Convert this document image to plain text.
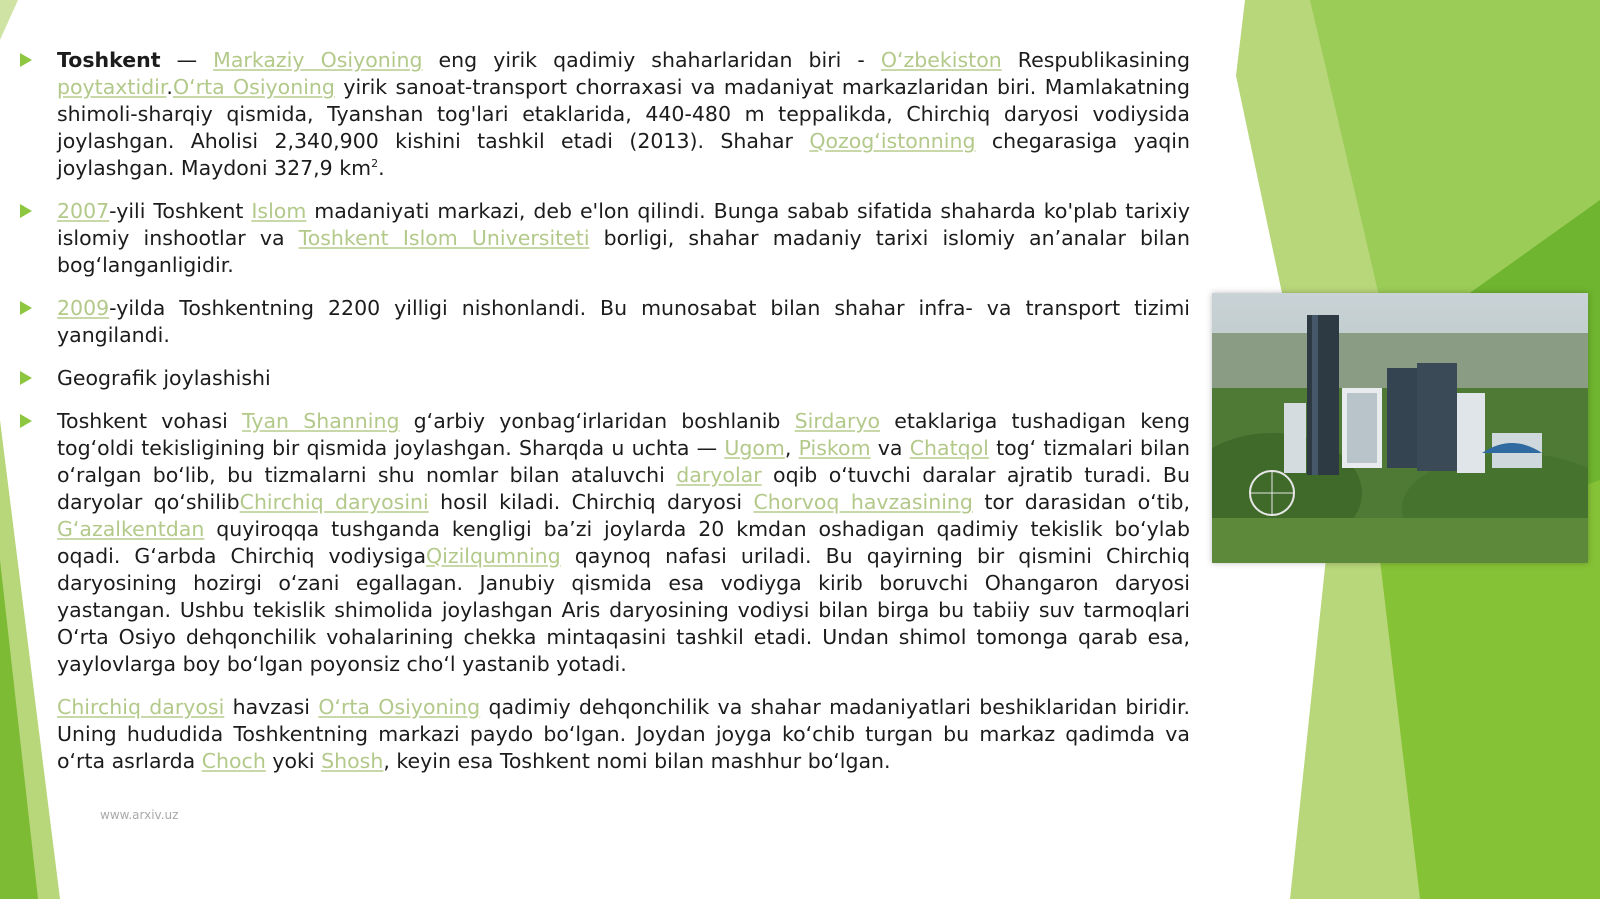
Toshkent — Markaziy Osiyoning eng yirik qadimiy shaharlaridan biri - O‘zbekiston Respublikasining poytaxtidir.O‘rta Osiyoning yirik sanoat-transport chorraxasi va madaniyat markazlaridan biri. Mamlakatning shimoli-sharqiy qismida, Tyanshan tog'lari etaklarida, 440-480 m teppalikda, Chirchiq daryosi vodiysida joylashgan. Aholisi 2,340,900 kishini tashkil etadi (2013). Shahar Qozog‘istonning chegarasiga yaqin joylashgan. Maydoni 327,9 $km^2$.
2007-yili Toshkent Islom madaniyati markazi, deb e'lon qilindi. Bunga sabab sifatida shaharda ko'plab tarixiy islomiy inshootlar va Toshkent Islom Universiteti borligi, shahar madaniy tarixi islomiy an’analar bilan bog‘langanligidir.
2009-yilda Toshkentning 2200 yilligi nishonlandi. Bu munosabat bilan shahar infra- va transport tizimi yangilandi.
Geografik joylashishi
Toshkent vohasi Tyan Shanning g‘arbiy yonbag‘irlaridan boshlanib Sirdaryo etaklariga tushadigan keng tog‘oldi tekisligining bir qismida joylashgan. Sharqda u uchta — Ugom, Piskom va Chatqol tog‘ tizmalari bilan o‘ralgan bo‘lib, bu tizmalarni shu nomlar bilan ataluvchi daryolar oqib o‘tuvchi daralar ajratib turadi. Bu daryolar qo‘shilibChirchiq daryosini hosil kiladi. Chirchiq daryosi Chorvoq havzasining tor darasidan o‘tib, G‘azalkentdan quyiroqqa tushganda kengligi ba’zi joylarda 20 kmdan oshadigan qadimiy tekislik bo‘ylab oqadi. G‘arbda Chirchiq vodiysigaQizilqumning qaynoq nafasi uriladi. Bu qayirning bir qismini Chirchiq daryosining hozirgi o‘zani egallagan. Janubiy qismida esa vodiyga kirib boruvchi Ohangaron daryosi yastangan. Ushbu tekislik shimolida joylashgan Aris daryosining vodiysi bilan birga bu tabiiy suv tarmoqlari O‘rta Osiyo dehqonchilik vohalarining chekka mintaqasini tashkil etadi. Undan shimol tomonga qarab esa, yaylovlarga boy bo‘lgan poyonsiz cho‘l yastanib yotadi.
Chirchiq daryosi havzasi O‘rta Osiyoning qadimiy dehqonchilik va shahar madaniyatlari beshiklaridan biridir. Uning hududida Toshkentning markazi paydo bo‘lgan. Joydan joyga ko‘chib turgan bu markaz qadimda va o‘rta asrlarda Choch yoki Shosh, keyin esa Toshkent nomi bilan mashhur bo‘lgan.
www.arxiv.uz
